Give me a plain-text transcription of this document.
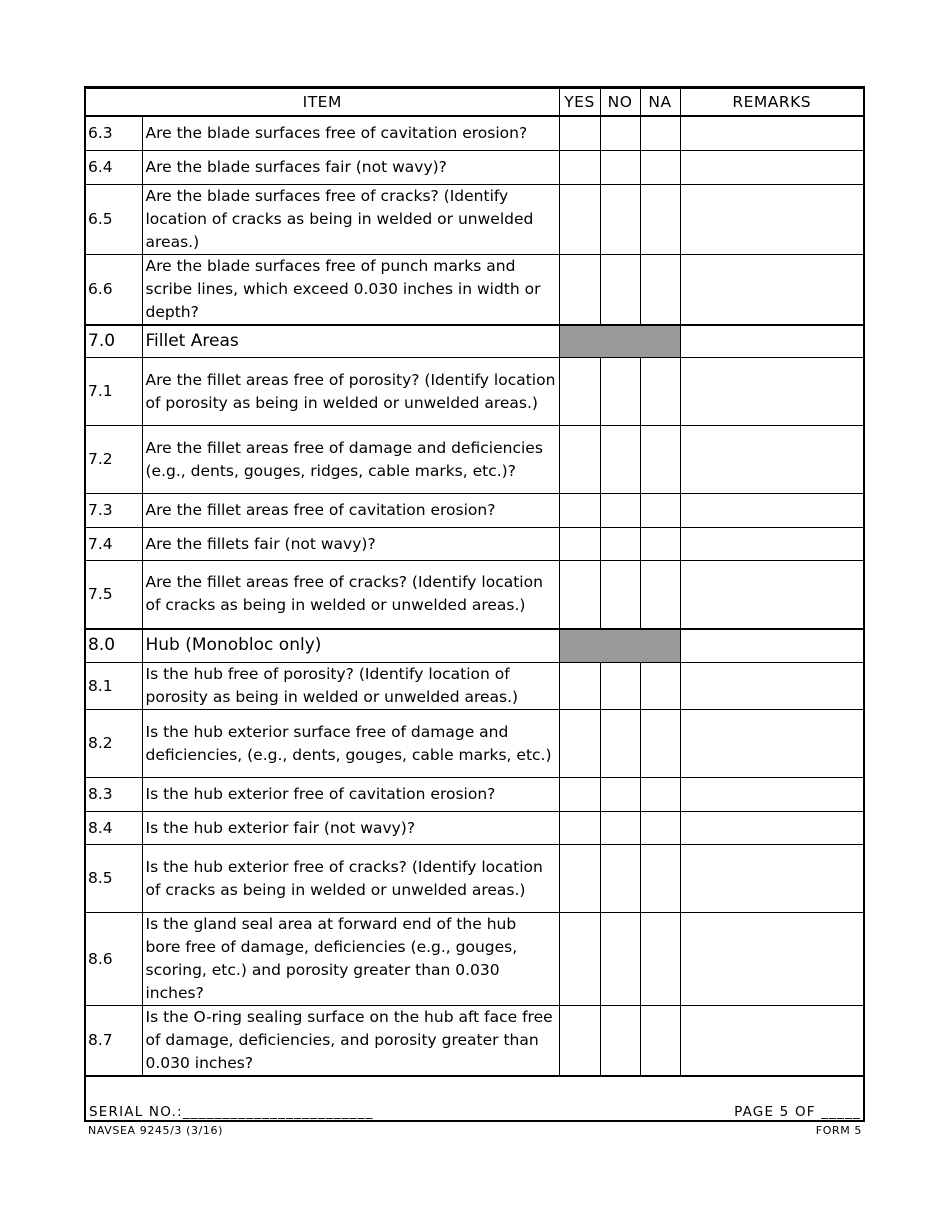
ITEM		YES	NO	NA	REMARKS
6.3	Are the blade surfaces free of cavitation erosion?				
6.4	Are the blade surfaces fair (not wavy)?				
6.5	Are the blade surfaces free of cracks? (Identify location of cracks as being in welded or unwelded areas.)				
6.6	Are the blade surfaces free of punch marks and scribe lines, which exceed 0.030 inches in width or depth?				
7.0	Fillet Areas				
7.1	Are the fillet areas free of porosity? (Identify location of porosity as being in welded or unwelded areas.)				
7.2	Are the fillet areas free of damage and deficiencies (e.g., dents, gouges, ridges, cable marks, etc.)?				
7.3	Are the fillet areas free of cavitation erosion?				
7.4	Are the fillets fair (not wavy)?				
7.5	Are the fillet areas free of cracks? (Identify location of cracks as being in welded or unwelded areas.)				
8.0	Hub (Monobloc only)				
8.1	Is the hub free of porosity? (Identify location of porosity as being in welded or unwelded areas.)				
8.2	Is the hub exterior surface free of damage and deficiencies, (e.g., dents, gouges, cable marks, etc.)				
8.3	Is the hub exterior free of cavitation erosion?				
8.4	Is the hub exterior fair (not wavy)?				
8.5	Is the hub exterior free of cracks? (Identify location of cracks as being in welded or unwelded areas.)				
8.6	Is the gland seal area at forward end of the hub bore free of damage, deficiencies (e.g., gouges, scoring, etc.) and porosity greater than 0.030 inches?				
8.7	Is the O-ring sealing surface on the hub aft face free of damage, deficiencies, and porosity greater than 0.030 inches?				
SERIAL NO.:________________________	PAGE 5 OF _____
NAVSEA 9245/3 (3/16)	FORM 5
